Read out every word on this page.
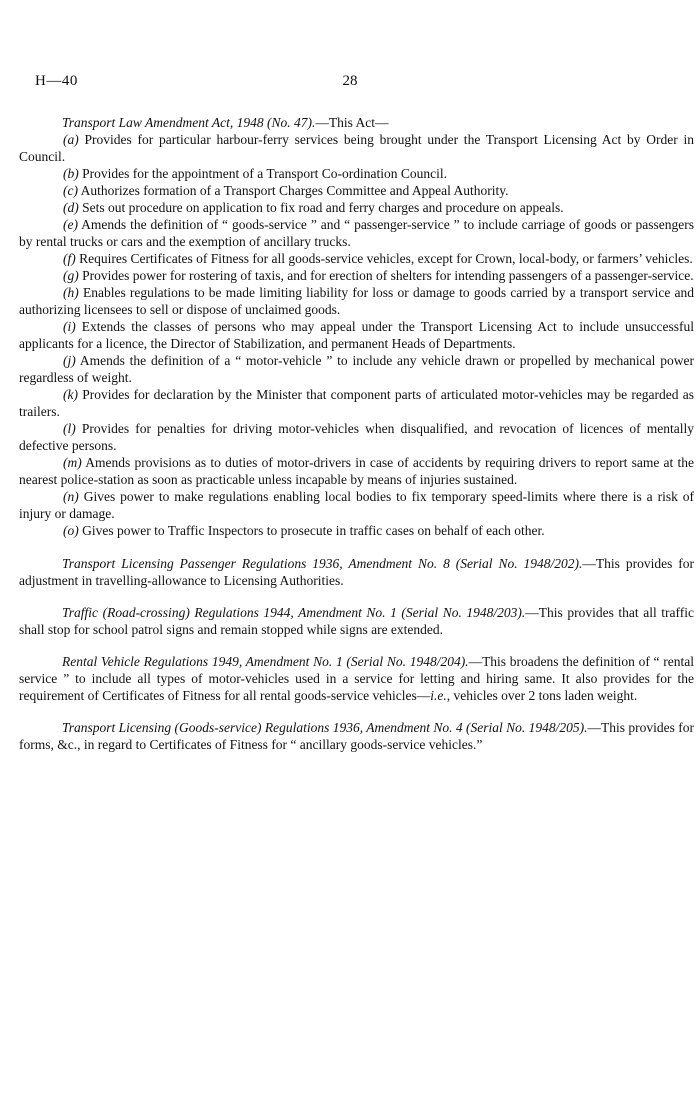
H—40	28

Transport Law Amendment Act, 1948 (No. 47).—This Act—

(a) Provides for particular harbour-ferry services being brought under the Transport Licensing Act by Order in Council.

(b) Provides for the appointment of a Transport Co-ordination Council.

(c) Authorizes formation of a Transport Charges Committee and Appeal Authority.

(d) Sets out procedure on application to fix road and ferry charges and procedure on appeals.

(e) Amends the definition of “ goods-service ” and “ passenger-service ” to include carriage of goods or passengers by rental trucks or cars and the exemption of ancillary trucks.

(f) Requires Certificates of Fitness for all goods-service vehicles, except for Crown, local-body, or farmers’ vehicles.

(g) Provides power for rostering of taxis, and for erection of shelters for intending passengers of a passenger-service.

(h) Enables regulations to be made limiting liability for loss or damage to goods carried by a transport service and authorizing licensees to sell or dispose of unclaimed goods.

(i) Extends the classes of persons who may appeal under the Transport Licensing Act to include unsuccessful applicants for a licence, the Director of Stabilization, and permanent Heads of Departments.

(j) Amends the definition of a “ motor-vehicle ” to include any vehicle drawn or propelled by mechanical power regardless of weight.

(k) Provides for declaration by the Minister that component parts of articulated motor-vehicles may be regarded as trailers.

(l) Provides for penalties for driving motor-vehicles when disqualified, and revocation of licences of mentally defective persons.

(m) Amends provisions as to duties of motor-drivers in case of accidents by requiring drivers to report same at the nearest police-station as soon as practicable unless incapable by means of injuries sustained.

(n) Gives power to make regulations enabling local bodies to fix temporary speed-limits where there is a risk of injury or damage.

(o) Gives power to Traffic Inspectors to prosecute in traffic cases on behalf of each other.

Transport Licensing Passenger Regulations 1936, Amendment No. 8 (Serial No. 1948/202).—This provides for adjustment in travelling-allowance to Licensing Authorities.

Traffic (Road-crossing) Regulations 1944, Amendment No. 1 (Serial No. 1948/203).—This provides that all traffic shall stop for school patrol signs and remain stopped while signs are extended.

Rental Vehicle Regulations 1949, Amendment No. 1 (Serial No. 1948/204).—This broadens the definition of “ rental service ” to include all types of motor-vehicles used in a service for letting and hiring same. It also provides for the requirement of Certificates of Fitness for all rental goods-service vehicles—i.e., vehicles over 2 tons laden weight.

Transport Licensing (Goods-service) Regulations 1936, Amendment No. 4 (Serial No. 1948/205).—This provides for forms, &c., in regard to Certificates of Fitness for “ ancillary goods-service vehicles.”
